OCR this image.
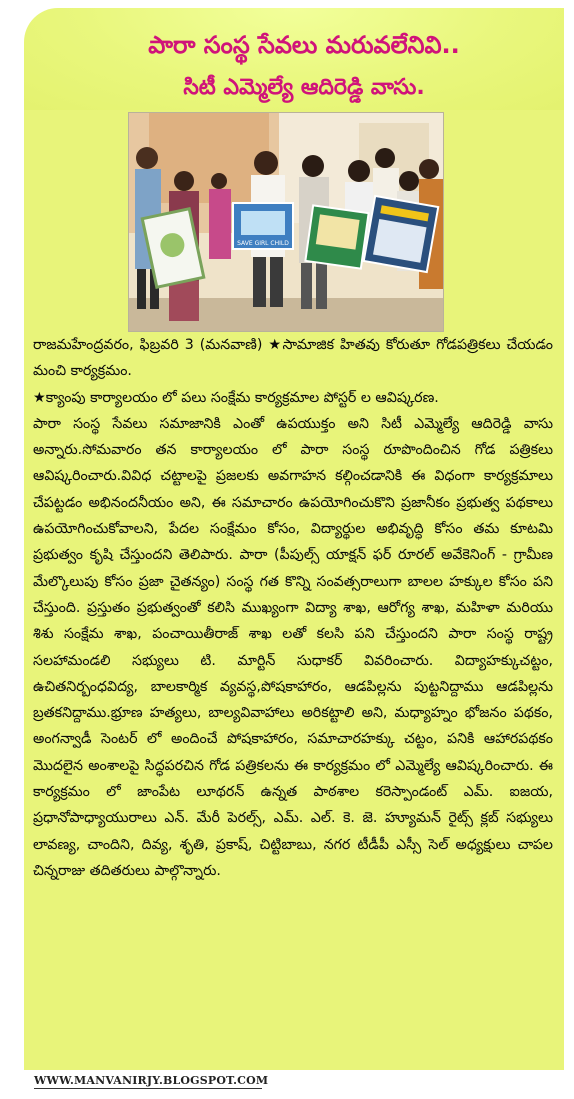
పారా సంస్థ సేవలు మరువలేనివి..
సిటీ ఎమ్మెల్యే ఆదిరెడ్డి వాసు.
SAVE GIRL CHILD

రాజమహేంద్రవరం, ఫిబ్రవరి 3 (మనవాణి) ★సామాజిక హితవు కోరుతూ గోడపత్రికలు చేయడం మంచి కార్యక్రమం.

★క్యాంపు కార్యాలయం లో పలు సంక్షేమ కార్యక్రమాల పోస్టర్ ల ఆవిష్కరణ.

పారా సంస్థ సేవలు సమాజానికి ఎంతో ఉపయుక్తం అని సిటీ ఎమ్మెల్యే ఆదిరెడ్డి వాసు అన్నారు.సోమవారం తన కార్యాలయం లో పారా సంస్థ రూపొందించిన గోడ పత్రికలు ఆవిష్కరించారు.వివిధ చట్టాలపై ప్రజలకు అవగాహన కల్గించడానికి ఈ విధంగా కార్యక్రమాలు చేపట్టడం అభినందనీయం అని, ఈ సమాచారం ఉపయోగించుకొని ప్రజానీకం ప్రభుత్వ పథకాలు ఉపయోగించుకోవాలని, పేదల సంక్షేమం కోసం, విద్యార్థుల అభివృద్ధి కోసం తమ కూటమి ప్రభుత్వం కృషి చేస్తుందని తెలిపారు. పారా (పీపుల్స్ యాక్షన్ ఫర్ రూరల్ అవేకెనింగ్ - గ్రామీణ మేల్కొలుపు కోసం ప్రజా చైతన్యం) సంస్థ గత కొన్ని సంవత్సరాలుగా బాలల హక్కుల కోసం పని చేస్తుంది. ప్రస్తుతం ప్రభుత్వంతో కలిసి ముఖ్యంగా విద్యా శాఖ, ఆరోగ్య శాఖ, మహిళా మరియు శిశు సంక్షేమ శాఖ, పంచాయితీరాజ్ శాఖ లతో కలసి పని చేస్తుందని పారా సంస్థ రాష్ట్ర సలహామండలి సభ్యులు టి. మార్టిన్ సుధాకర్ వివరించారు. విద్యాహక్కుచట్టం, ఉచితనిర్బంధవిద్య, బాలకార్మిక వ్యవస్థ,పోషకాహారం, ఆడపిల్లను పుట్టనిద్దాము ఆడపిల్లను బ్రతకనిద్దాము.భ్రూణ హత్యలు, బాల్యవివాహాలు అరికట్టాలి అని, మధ్యాహ్నం భోజనం పథకం, అంగన్వాడీ సెంటర్ లో అందించే పోషకాహారం, సమాచారహక్కు చట్టం, పనికి ఆహారపథకం మొదలైన అంశాలపై సిద్ధపరచిన గోడ పత్రికలను ఈ కార్యక్రమం లో ఎమ్మెల్యే ఆవిష్కరించారు. ఈ కార్యక్రమం లో జాంపేట లూథరన్ ఉన్నత పాఠశాల కరెస్పాండంట్ ఎమ్. ఐజయ, ప్రధానోపాధ్యాయురాలు ఎన్. మేరీ పెరల్స్, ఎమ్. ఎల్. కె. జె. హ్యూమన్ రైట్స్ క్లబ్ సభ్యులు లావణ్య, చాందిని, దివ్య, శృతి, ప్రకాష్, చిట్టిబాబు, నగర టీడీపీ ఎస్సీ సెల్ అధ్యక్షులు చాపల చిన్నరాజు తదితరులు పాల్గొన్నారు.

WWW.MANVANIRJY.BLOGSPOT.COM
